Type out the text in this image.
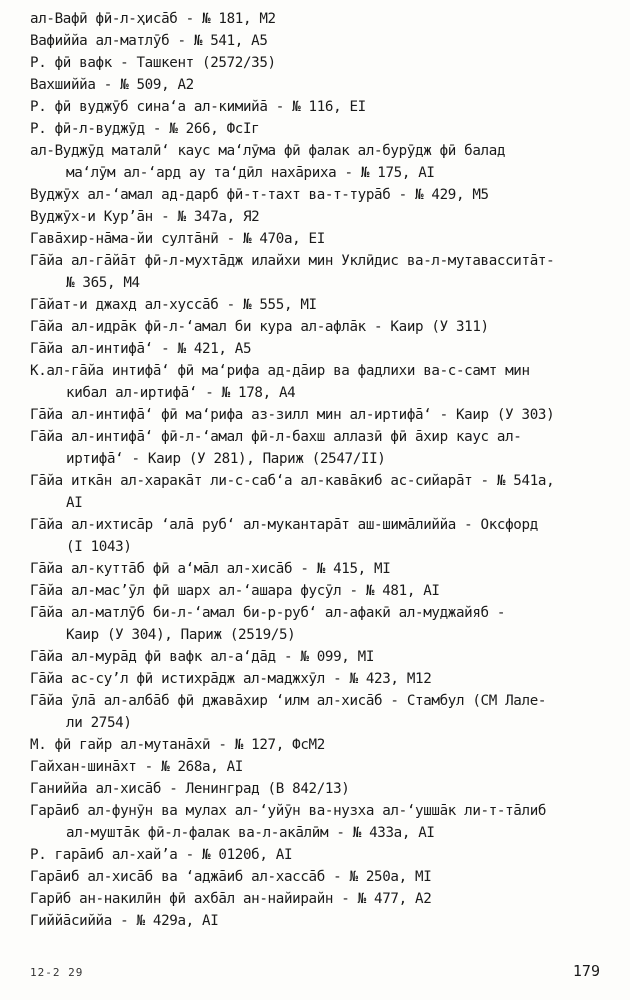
ал-Вафӣ фӣ-л-ҳисāб - № 181, М2
Вафиййа ал-матлӯб - № 541, А5
Р. фӣ вафк - Ташкент (2572/35)
Вахшиййа - № 509, А2
Р. фӣ вуджӯб сина‘а ал-кимийā - № 116, ЕI
Р. фӣ-л-вуджӯд - № 266, ФсIг
ал-Вуджӯд маталӣ‘ каус ма‘лӯма фӣ фалак ал-бурӯдж фӣ балад
ма‘лӯм ал-‘ард ау та‘дӣл нахāриха - № 175, АI
Вуджӯх ал-‘амал ад-дарб фӣ-т-тахт ва-т-турāб - № 429, М5
Вуджӯх-и Кур’āн - № 347а, Я2
Гавāхир-нāма-йи султāнӣ - № 470а, ЕI
Гāйа ал-гāйāт фӣ-л-мухтāдж илайхи мин Уклӣдис ва-л-мутавасситāт-
№ 365, М4
Гāйат-и джахд ал-хуссāб - № 555, МI
Гāйа ал-идрāк фӣ-л-‘амал би кура ал-афлāк - Каир (У 311)
Гāйа ал-интифā‘ - № 421, А5
К.ал-гāйа интифā‘ фӣ ма‘рифа ад-дāир ва фадлихи ва-с-самт мин
кибал ал-иртифā‘ - № 178, А4
Гāйа ал-интифā‘ фӣ ма‘рифа аз-зилл мин ал-иртифā‘ - Каир (У 303)
Гāйа ал-интифā‘ фӣ-л-‘амал фӣ-л-бахш аллазӣ фӣ āхир каус ал-
иртифā‘ - Каир (У 281), Париж (2547/II)
Гāйа иткāн ал-харакāт ли-с-саб‘а ал-кавāкиб ас-сийарāт - № 541а,
АI
Гāйа ал-ихтисāр ‘алā руб‘ ал-мукантарāт аш-шимāлиййа - Оксфорд
(I 1043)
Гāйа ал-куттāб фӣ а‘мāл ал-хисāб - № 415, МI
Гāйа ал-мас’ӯл фӣ шарх ал-‘ашара фусӯл - № 481, АI
Гāйа ал-матлӯб би-л-‘амал би-р-руб‘ ал-афакӣ ал-муджайяб -
Каир (У 304), Париж (2519/5)
Гāйа ал-мурāд фӣ вафк ал-а‘дāд - № 099, МI
Гāйа ас-су’л фӣ истихрāдж ал-маджхӯл - № 423, М12
Гāйа ӯлā ал-албāб фӣ джавāхир ‘илм ал-хисāб - Стамбул (СМ Лале-
ли 2754)
М. фӣ гайр ал-мутанāхӣ - № 127, ФсМ2
Гайхан-шинāхт - № 268а, АI
Ганиййа ал-хисāб - Ленинград (В 842/13)
Гарāиб ал-фунӯн ва мулах ал-‘уйӯн ва-нузха ал-‘ушшāк ли-т-тāлиб
ал-муштāк фӣ-л-фалак ва-л-акāлӣм - № 433а, АI
Р. гарāиб ал-хай’а - № 0120б, АI
Гарāиб ал-хисāб ва ‘аджāиб ал-хассāб - № 250а, МI
Гарӣб ан-накилӣн фӣ ахбāл ан-найирайн - № 477, А2
Гиййāсиййа - № 429а, АI
12-2 29	179
